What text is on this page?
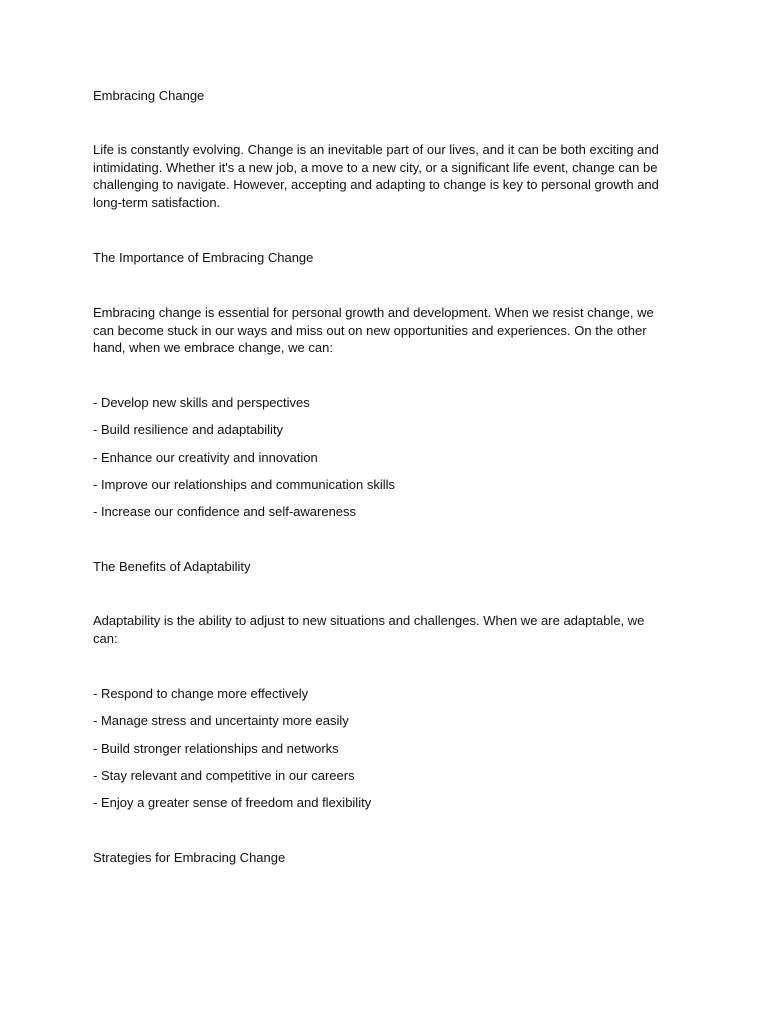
Embracing Change
Life is constantly evolving. Change is an inevitable part of our lives, and it can be both exciting and
intimidating. Whether it's a new job, a move to a new city, or a significant life event, change can be
challenging to navigate. However, accepting and adapting to change is key to personal growth and
long-term satisfaction.
The Importance of Embracing Change
Embracing change is essential for personal growth and development. When we resist change, we
can become stuck in our ways and miss out on new opportunities and experiences. On the other
hand, when we embrace change, we can:
- Develop new skills and perspectives
- Build resilience and adaptability
- Enhance our creativity and innovation
- Improve our relationships and communication skills
- Increase our confidence and self-awareness
The Benefits of Adaptability
Adaptability is the ability to adjust to new situations and challenges. When we are adaptable, we
can:
- Respond to change more effectively
- Manage stress and uncertainty more easily
- Build stronger relationships and networks
- Stay relevant and competitive in our careers
- Enjoy a greater sense of freedom and flexibility
Strategies for Embracing Change
